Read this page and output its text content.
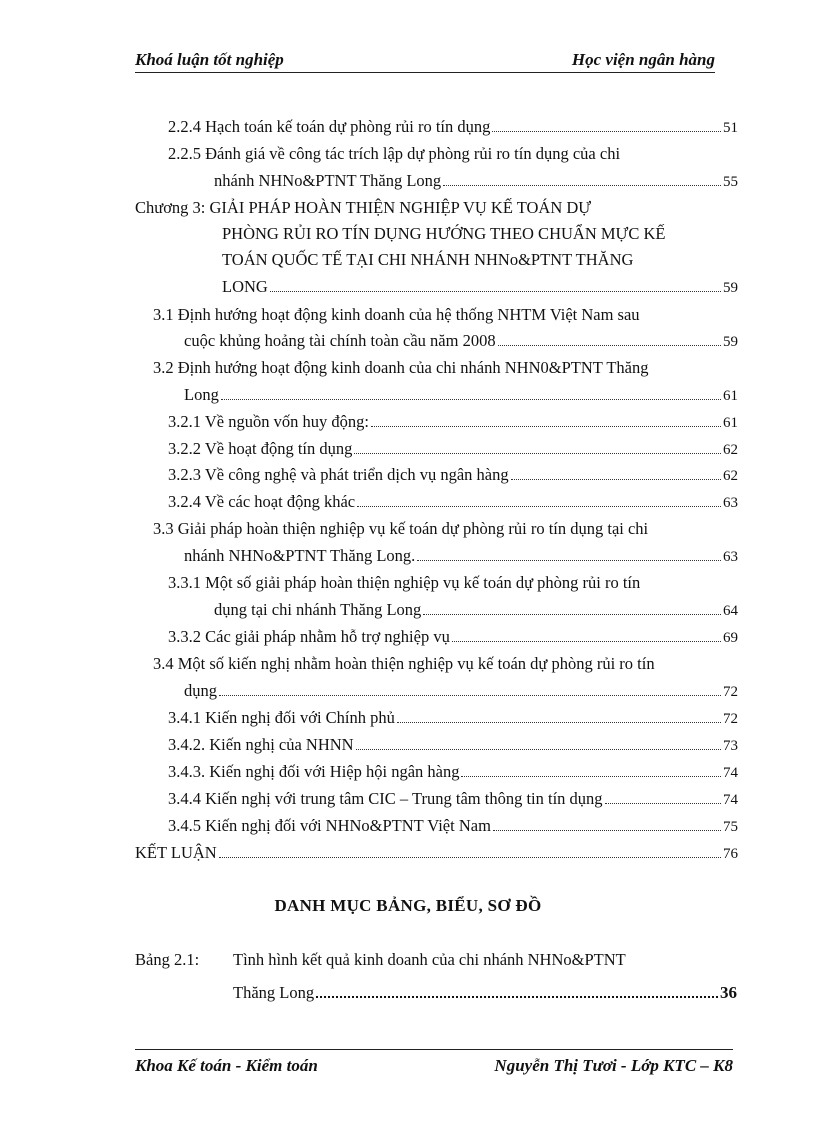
Khoá luận tốt nghiệp	Học viện ngân hàng
2.2.4 Hạch toán kế toán dự phòng rủi ro tín dụng	51
2.2.5 Đánh giá về công tác trích lập dự phòng rủi ro tín dụng của chi
nhánh NHNo&PTNT Thăng Long	55
Chương 3: GIẢI PHÁP HOÀN THIỆN NGHIỆP VỤ KẾ TOÁN DỰ
PHÒNG RỦI RO TÍN DỤNG HƯỚNG THEO CHUẨN MỰC KẾ
TOÁN QUỐC TẾ TẠI CHI NHÁNH NHNo&PTNT THĂNG
LONG	59
3.1 Định hướng hoạt động kinh doanh của hệ thống NHTM Việt Nam sau
cuộc khủng hoảng tài chính toàn cầu năm 2008	59
3.2 Định hướng hoạt động kinh doanh của chi nhánh NHN0&PTNT Thăng
Long	61
3.2.1 Về nguồn vốn huy động:	61
3.2.2 Về hoạt động tín dụng	62
3.2.3 Về công nghệ và phát triển dịch vụ ngân hàng	62
3.2.4 Về các hoạt động khác	63
3.3 Giải pháp hoàn thiện nghiệp vụ kế toán dự phòng rủi ro tín dụng tại chi
nhánh NHNo&PTNT Thăng Long.	63
3.3.1 Một số giải pháp hoàn thiện nghiệp vụ kế toán dự phòng rủi ro tín
dụng tại chi nhánh Thăng Long	64
3.3.2 Các giải pháp nhằm hỗ trợ nghiệp vụ	69
3.4 Một số kiến nghị nhằm hoàn thiện nghiệp vụ kế toán dự phòng rủi ro tín
dụng	72
3.4.1 Kiến nghị đối với Chính phủ	72
3.4.2. Kiến nghị của NHNN	73
3.4.3. Kiến nghị đối với Hiệp hội ngân hàng	74
3.4.4 Kiến nghị với trung tâm CIC – Trung tâm thông tin tín dụng	74
3.4.5 Kiến nghị đối với NHNo&PTNT Việt Nam	75
KẾT LUẬN	76
DANH MỤC BẢNG, BIỂU, SƠ ĐỒ
Bảng 2.1: Tình hình kết quả kinh doanh của chi nhánh NHNo&PTNT
Thăng Long	36
Khoa Kế toán - Kiểm toán	Nguyễn Thị Tươi - Lớp KTC – K8
